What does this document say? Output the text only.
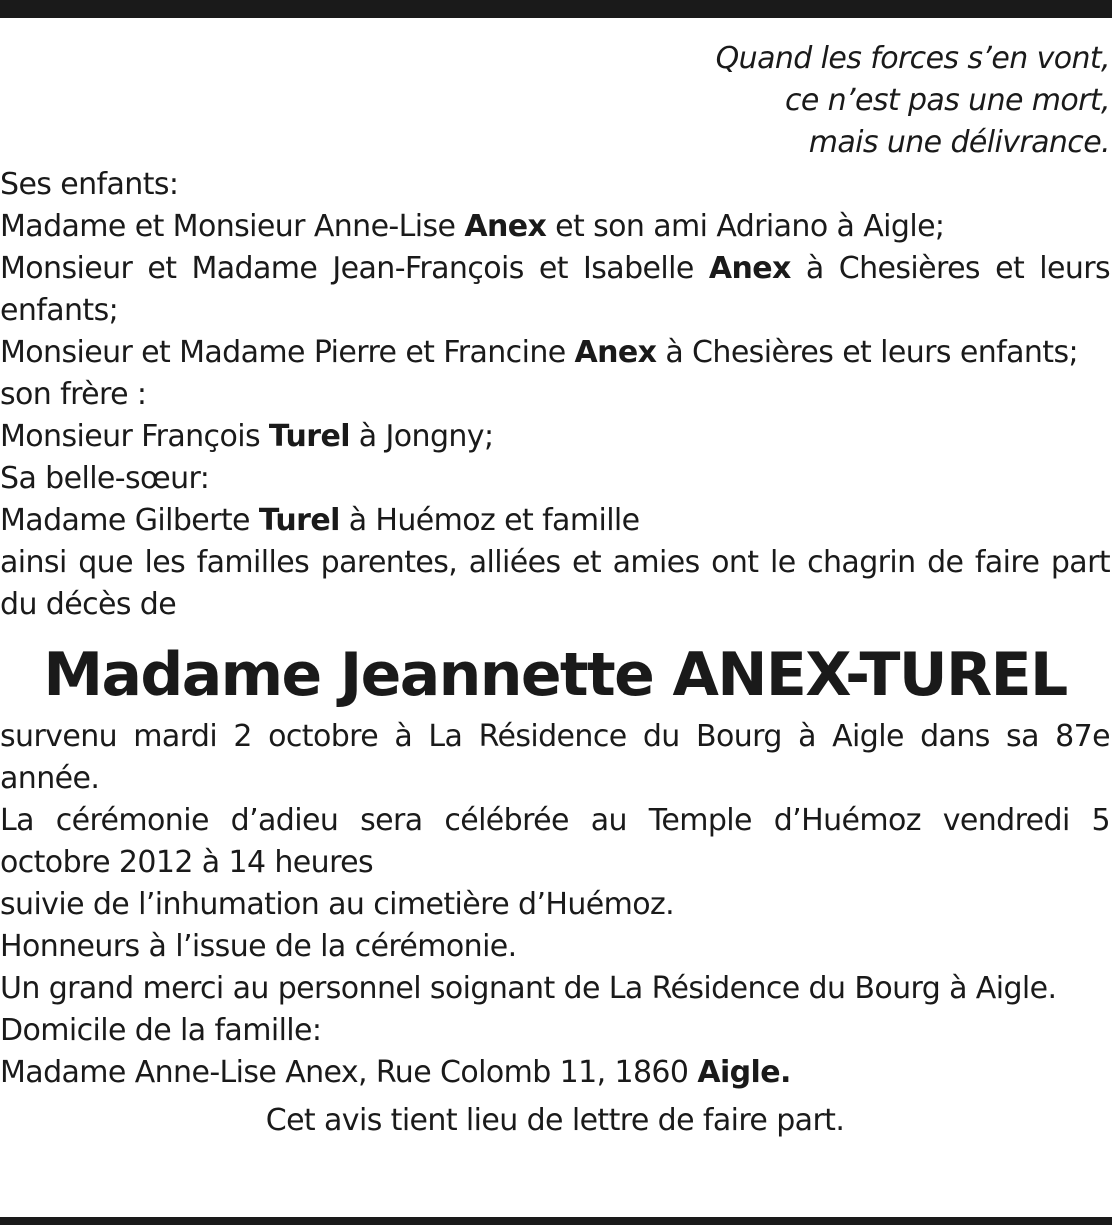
Quand les forces s’en vont,
ce n’est pas une mort,
mais une délivrance.
Ses enfants:
Madame et Monsieur Anne-Lise Anex et son ami Adriano à Aigle;
Monsieur et Madame Jean-François et Isabelle Anex à Chesières et leurs enfants;
Monsieur et Madame Pierre et Francine Anex à Chesières et leurs enfants;
son frère :
Monsieur François Turel à Jongny;
Sa belle-sœur:
Madame Gilberte Turel à Huémoz et famille
ainsi que les familles parentes, alliées et amies ont le chagrin de faire part du décès de
Madame Jeannette ANEX-TUREL
survenu mardi 2 octobre à La Résidence du Bourg à Aigle dans sa 87e année.
La cérémonie d’adieu sera célébrée au Temple d’Huémoz vendredi 5 octobre 2012 à 14 heures
suivie de l’inhumation au cimetière d’Huémoz.
Honneurs à l’issue de la cérémonie.
Un grand merci au personnel soignant de La Résidence du Bourg à Aigle.
Domicile de la famille:
Madame Anne-Lise Anex, Rue Colomb 11, 1860 Aigle.
Cet avis tient lieu de lettre de faire part.
